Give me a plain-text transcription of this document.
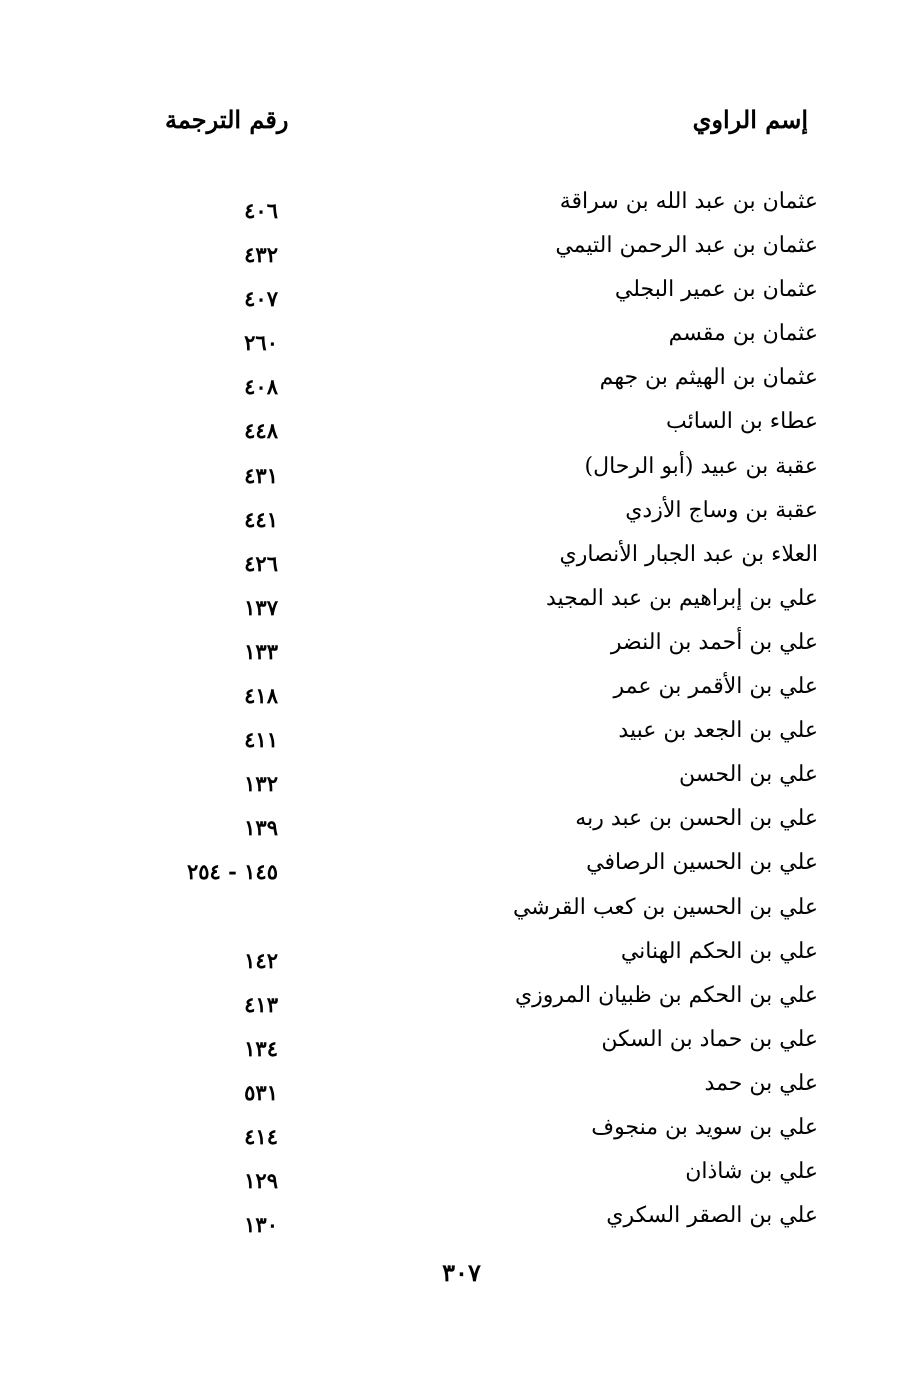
إسم الراوي
رقم الترجمة
عثمان بن عبد الله بن سراقة
٤٠٦
عثمان بن عبد الرحمن التيمي
٤٣٢
عثمان بن عمير البجلي
٤٠٧
عثمان بن مقسم
٢٦٠
عثمان بن الهيثم بن جهم
٤٠٨
عطاء بن السائب
٤٤٨
عقبة بن عبيد (أبو الرحال)
٤٣١
عقبة بن وساج الأزدي
٤٤١
العلاء بن عبد الجبار الأنصاري
٤٢٦
علي بن إبراهيم بن عبد المجيد
١٣٧
علي بن أحمد بن النضر
١٣٣
علي بن الأقمر بن عمر
٤١٨
علي بن الجعد بن عبيد
٤١١
علي بن الحسن
١٣٢
علي بن الحسن بن عبد ربه
١٣٩
علي بن الحسين الرصافي
١٤٥ - ٢٥٤
علي بن الحسين بن كعب القرشي
علي بن الحكم الهناني
١٤٢
علي بن الحكم بن ظبيان المروزي
٤١٣
علي بن حماد بن السكن
١٣٤
علي بن حمد
٥٣١
علي بن سويد بن منجوف
٤١٤
علي بن شاذان
١٢٩
علي بن الصقر السكري
١٣٠
٣٠٧
